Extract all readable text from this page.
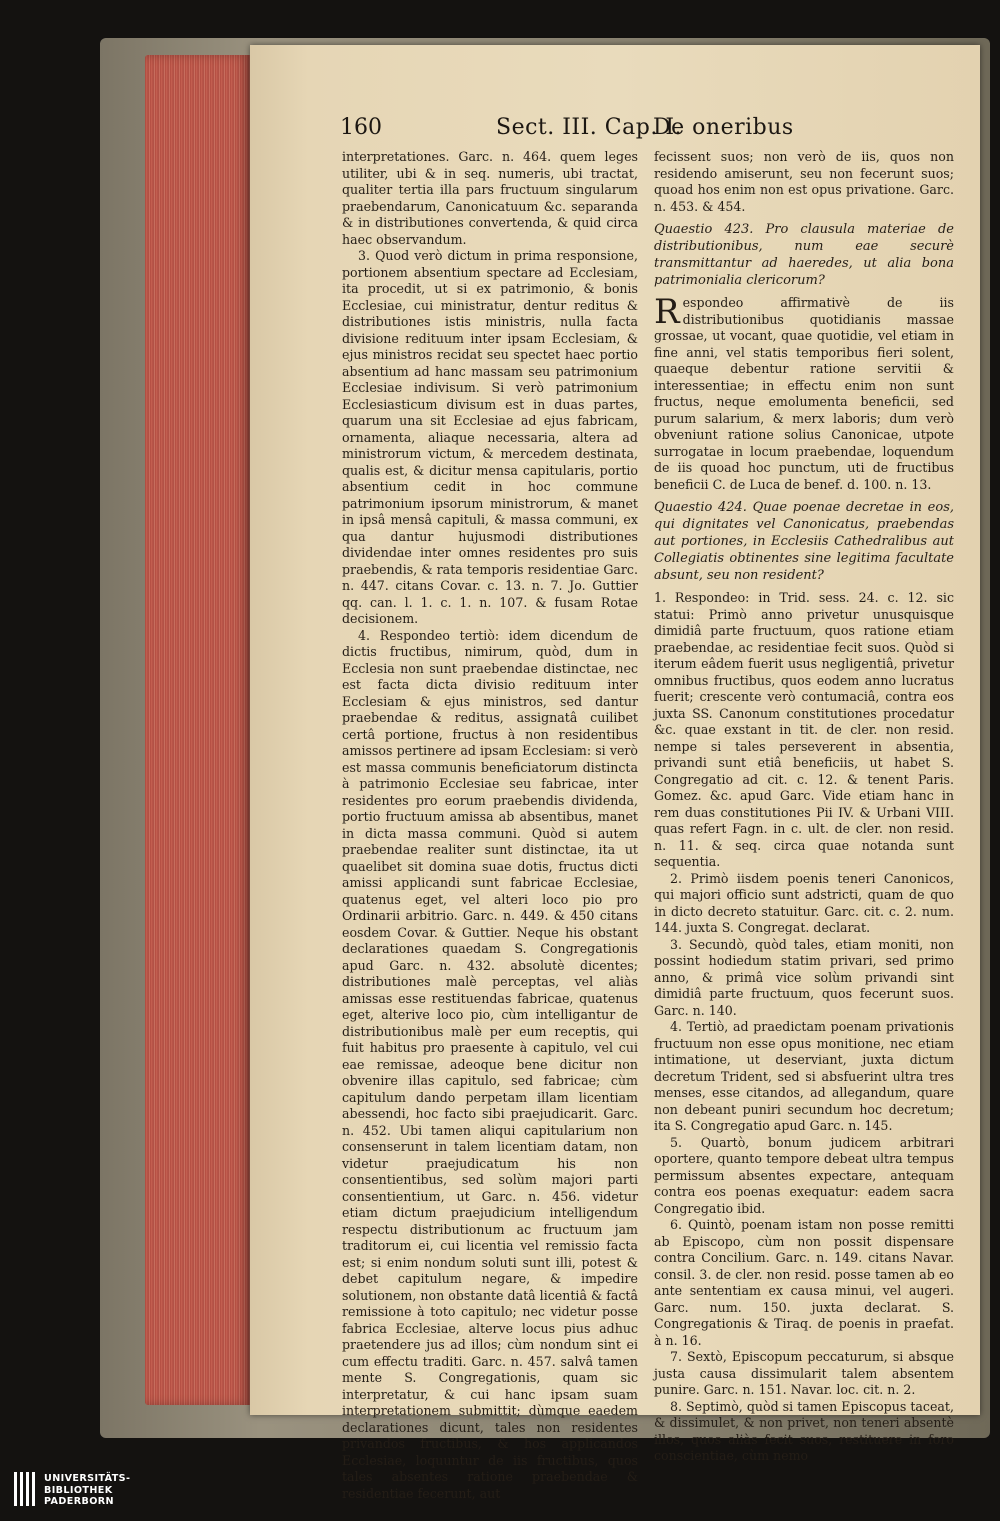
160	Sect. III. Cap. I.
De oneribus

interpretationes. Garc. n. 464. quem leges utiliter, ubi & in seq. numeris, ubi tractat, qualiter tertia illa pars fructuum singularum praebendarum, Canonicatuum &c. separanda & in distributiones convertenda, & quid circa haec observandum.

3. Quod verò dictum in prima responsione, portionem absentium spectare ad Ecclesiam, ita procedit, ut si ex patrimonio, & bonis Ecclesiae, cui ministratur, dentur reditus & distributiones istis ministris, nulla facta divisione redituum inter ipsam Ecclesiam, & ejus ministros recidat seu spectet haec portio absentium ad hanc massam seu patrimonium Ecclesiae indivisum. Si verò patrimonium Ecclesiasticum divisum est in duas partes, quarum una sit Ecclesiae ad ejus fabricam, ornamenta, aliaque necessaria, altera ad ministrorum victum, & mercedem destinata, qualis est, & dicitur mensa capitularis, portio absentium cedit in hoc commune patrimonium ipsorum ministrorum, & manet in ipsâ mensâ capituli, & massa communi, ex qua dantur hujusmodi distributiones dividendae inter omnes residentes pro suis praebendis, & rata temporis residentiae Garc. n. 447. citans Covar. c. 13. n. 7. Jo. Guttier qq. can. l. 1. c. 1. n. 107. & fusam Rotae decisionem.

4. Respondeo tertiò: idem dicendum de dictis fructibus, nimirum, quòd, dum in Ecclesia non sunt praebendae distinctae, nec est facta dicta divisio redituum inter Ecclesiam & ejus ministros, sed dantur praebendae & reditus, assignatâ cuilibet certâ portione, fructus à non residentibus amissos pertinere ad ipsam Ecclesiam: si verò est massa communis beneficiatorum distincta à patrimonio Ecclesiae seu fabricae, inter residentes pro eorum praebendis dividenda, portio fructuum amissa ab absentibus, manet in dicta massa communi. Quòd si autem praebendae realiter sunt distinctae, ita ut quaelibet sit domina suae dotis, fructus dicti amissi applicandi sunt fabricae Ecclesiae, quatenus eget, vel alteri loco pio pro Ordinarii arbitrio. Garc. n. 449. & 450 citans eosdem Covar. & Guttier. Neque his obstant declarationes quaedam S. Congregationis apud Garc. n. 432. absolutè dicentes; distributiones malè perceptas, vel aliàs amissas esse restituendas fabricae, quatenus eget, alterive loco pio, cùm intelligantur de distributionibus malè per eum receptis, qui fuit habitus pro praesente à capitulo, vel cui eae remissae, adeoque bene dicitur non obvenire illas capitulo, sed fabricae; cùm capitulum dando perpetam illam licentiam abessendi, hoc facto sibi praejudicarit. Garc. n. 452. Ubi tamen aliqui capitularium non consenserunt in talem licentiam datam, non videtur praejudicatum his non consentientibus, sed solùm majori parti consentientium, ut Garc. n. 456. videtur etiam dictum praejudicium intelligendum respectu distributionum ac fructuum jam traditorum ei, cui licentia vel remissio facta est; si enim nondum soluti sunt illi, potest & debet capitulum negare, & impedire solutionem, non obstante datâ licentiâ & factâ remissione à toto capitulo; nec videtur posse fabrica Ecclesiae, alterve locus pius adhuc praetendere jus ad illos; cùm nondum sint ei cum effectu traditi. Garc. n. 457. salvâ tamen mente S. Congregationis, quam sic interpretatur, & cui hanc ipsam suam interpretationem submittit; dùmque eaedem declarationes dicunt, tales non residentes privandos fructibus, & hos applicandos Ecclesiae, loquuntur de iis fructibus, quos tales absentes ratione praebendae & residentiae fecerunt, aut

fecissent suos; non verò de iis, quos non residendo amiserunt, seu non fecerunt suos; quoad hos enim non est opus privatione. Garc. n. 453. & 454.

Quaestio 423. Pro clausula materiae de distributionibus, num eae securè transmittantur ad haeredes, ut alia bona patrimonialia clericorum?

Respondeo affirmativè de iis distributionibus quotidianis massae grossae, ut vocant, quae quotidie, vel etiam in fine anni, vel statis temporibus fieri solent, quaeque debentur ratione servitii & interessentiae; in effectu enim non sunt fructus, neque emolumenta beneficii, sed purum salarium, & merx laboris; dum verò obveniunt ratione solius Canonicae, utpote surrogatae in locum praebendae, loquendum de iis quoad hoc punctum, uti de fructibus beneficii C. de Luca de benef. d. 100. n. 13.

Quaestio 424. Quae poenae decretae in eos, qui dignitates vel Canonicatus, praebendas aut portiones, in Ecclesiis Cathedralibus aut Collegiatis obtinentes sine legitima facultate absunt, seu non resident?

1. Respondeo: in Trid. sess. 24. c. 12. sic statui: Primò anno privetur unusquisque dimidiâ parte fructuum, quos ratione etiam praebendae, ac residentiae fecit suos. Quòd si iterum eâdem fuerit usus negligentiâ, privetur omnibus fructibus, quos eodem anno lucratus fuerit; crescente verò contumaciâ, contra eos juxta SS. Canonum constitutiones procedatur &c. quae exstant in tit. de cler. non resid. nempe si tales perseverent in absentia, privandi sunt etiâ beneficiis, ut habet S. Congregatio ad cit. c. 12. & tenent Paris. Gomez. &c. apud Garc. Vide etiam hanc in rem duas constitutiones Pii IV. & Urbani VIII. quas refert Fagn. in c. ult. de cler. non resid. n. 11. & seq. circa quae notanda sunt sequentia.

2. Primò iisdem poenis teneri Canonicos, qui majori officio sunt adstricti, quam de quo in dicto decreto statuitur. Garc. cit. c. 2. num. 144. juxta S. Congregat. declarat.

3. Secundò, quòd tales, etiam moniti, non possint hodiedum statim privari, sed primo anno, & primâ vice solùm privandi sint dimidiâ parte fructuum, quos fecerunt suos. Garc. n. 140.

4. Tertiò, ad praedictam poenam privationis fructuum non esse opus monitione, nec etiam intimatione, ut deserviant, juxta dictum decretum Trident, sed si absfuerint ultra tres menses, esse citandos, ad allegandum, quare non debeant puniri secundum hoc decretum; ita S. Congregatio apud Garc. n. 145.

5. Quartò, bonum judicem arbitrari oportere, quanto tempore debeat ultra tempus permissum absentes expectare, antequam contra eos poenas exequatur: eadem sacra Congregatio ibid.

6. Quintò, poenam istam non posse remitti ab Episcopo, cùm non possit dispensare contra Concilium. Garc. n. 149. citans Navar. consil. 3. de cler. non resid. posse tamen ab eo ante sententiam ex causa minui, vel augeri. Garc. num. 150. juxta declarat. S. Congregationis & Tiraq. de poenis in praefat. à n. 16.

7. Sextò, Episcopum peccaturum, si absque justa causa dissimularit talem absentem punire. Garc. n. 151. Navar. loc. cit. n. 2.

8. Septimò, quòd si tamen Episcopus taceat, & dissimulet, & non privet, non teneri absentè illos, quos aliàs fecit suos, restituere in foro conscientiae, cùm nemo

UNIVERSITÄTS-
BIBLIOTHEK
PADERBORN
